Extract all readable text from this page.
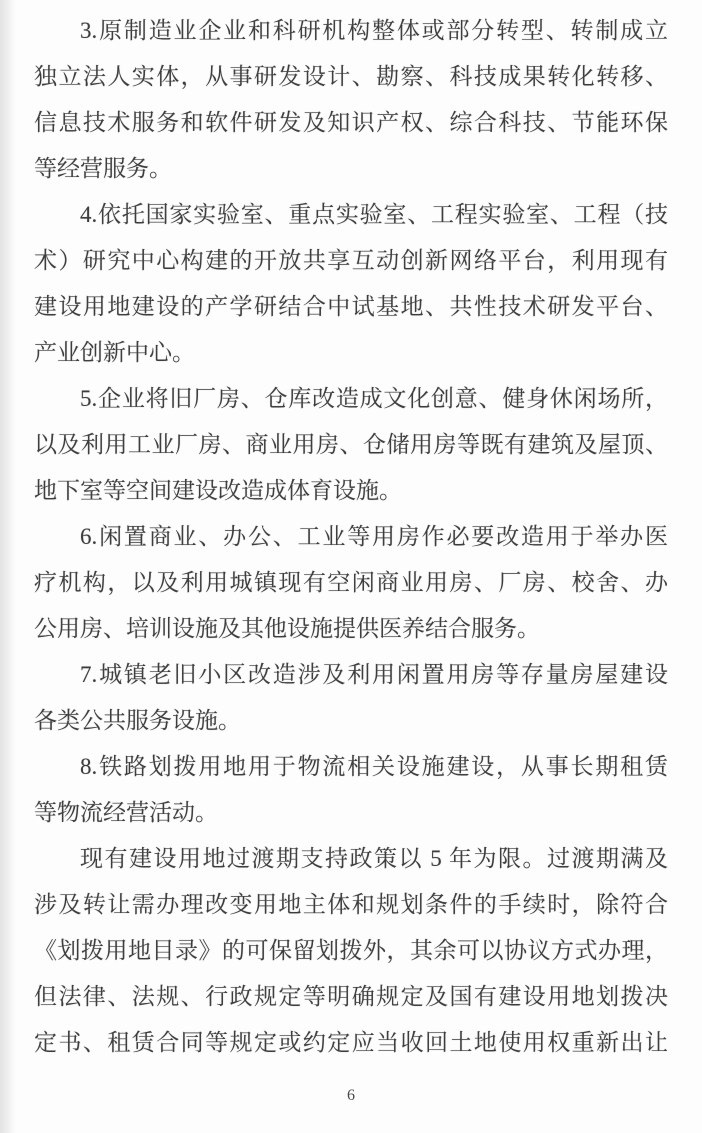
3.原制造业企业和科研机构整体或部分转型、转制成立
独立法人实体，从事研发设计、勘察、科技成果转化转移、
信息技术服务和软件研发及知识产权、综合科技、节能环保
等经营服务。

4.依托国家实验室、重点实验室、工程实验室、工程（技
术）研究中心构建的开放共享互动创新网络平台，利用现有
建设用地建设的产学研结合中试基地、共性技术研发平台、
产业创新中心。

5.企业将旧厂房、仓库改造成文化创意、健身休闲场所，
以及利用工业厂房、商业用房、仓储用房等既有建筑及屋顶、
地下室等空间建设改造成体育设施。

6.闲置商业、办公、工业等用房作必要改造用于举办医
疗机构，以及利用城镇现有空闲商业用房、厂房、校舍、办
公用房、培训设施及其他设施提供医养结合服务。

7.城镇老旧小区改造涉及利用闲置用房等存量房屋建设
各类公共服务设施。

8.铁路划拨用地用于物流相关设施建设，从事长期租赁
等物流经营活动。

现有建设用地过渡期支持政策以 5 年为限。过渡期满及
涉及转让需办理改变用地主体和规划条件的手续时，除符合
《划拨用地目录》的可保留划拨外，其余可以协议方式办理，
但法律、法规、行政规定等明确规定及国有建设用地划拨决
定书、租赁合同等规定或约定应当收回土地使用权重新出让

6
